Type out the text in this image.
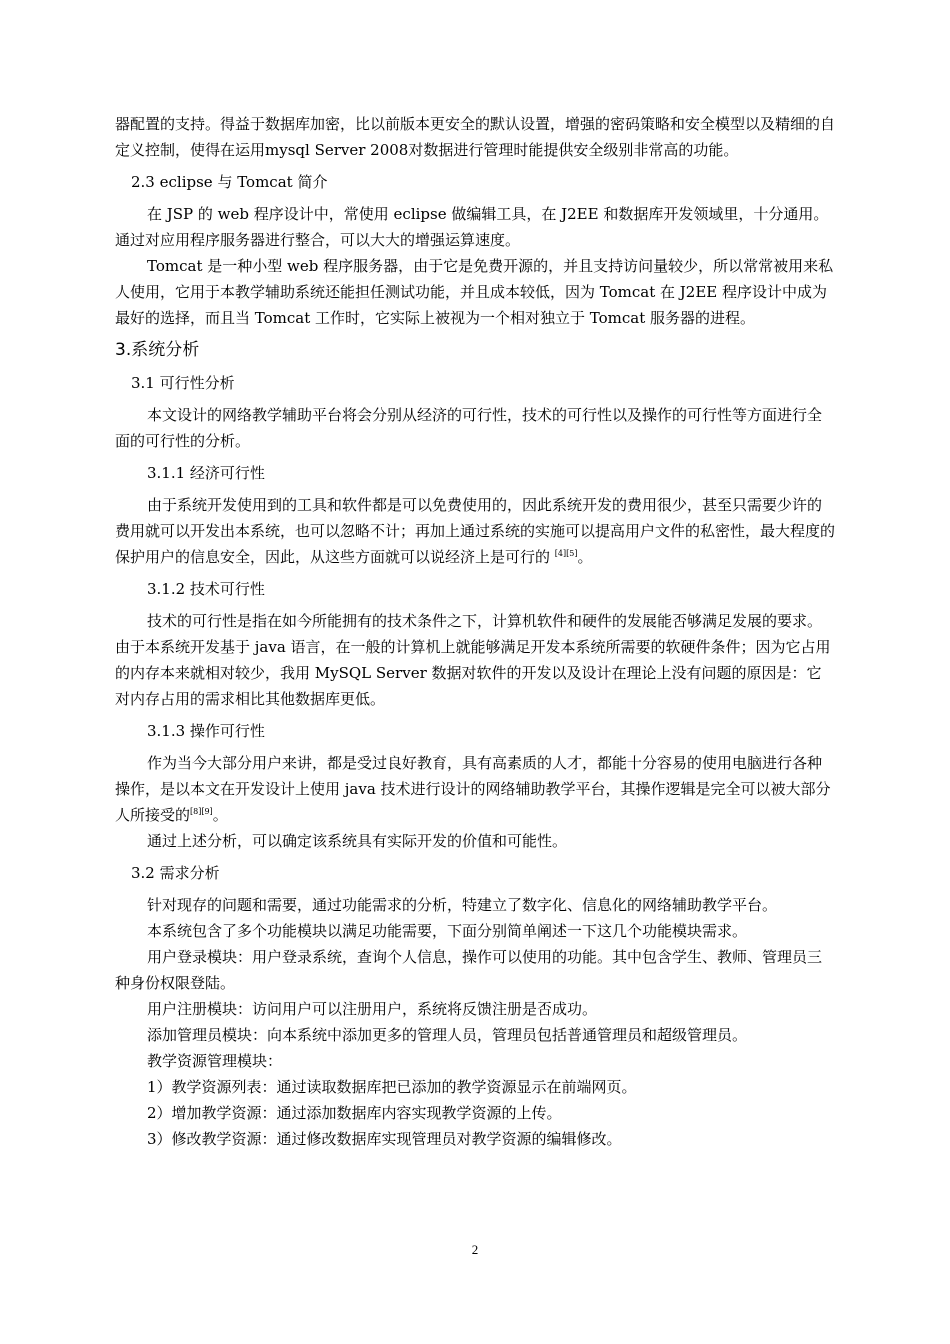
器配置的支持。得益于数据库加密，比以前版本更安全的默认设置，增强的密码策略和安全模型以及精细的自定义控制，使得在运用mysql Server 2008对数据进行管理时能提供安全级别非常高的功能。

2.3 eclipse 与 Tomcat 简介

在 JSP 的 web 程序设计中，常使用 eclipse 做编辑工具，在 J2EE 和数据库开发领域里，十分通用。通过对应用程序服务器进行整合，可以大大的增强运算速度。

Tomcat 是一种小型 web 程序服务器，由于它是免费开源的，并且支持访问量较少，所以常常被用来私人使用，它用于本教学辅助系统还能担任测试功能，并且成本较低，因为 Tomcat 在 J2EE 程序设计中成为最好的选择，而且当 Tomcat 工作时，它实际上被视为一个相对独立于 Tomcat 服务器的进程。

3.系统分析

3.1 可行性分析

本文设计的网络教学辅助平台将会分别从经济的可行性，技术的可行性以及操作的可行性等方面进行全面的可行性的分析。

3.1.1 经济可行性

由于系统开发使用到的工具和软件都是可以免费使用的，因此系统开发的费用很少，甚至只需要少许的费用就可以开发出本系统，也可以忽略不计；再加上通过系统的实施可以提高用户文件的私密性，最大程度的保护用户的信息安全，因此，从这些方面就可以说经济上是可行的 [4][5]。

3.1.2 技术可行性

技术的可行性是指在如今所能拥有的技术条件之下，计算机软件和硬件的发展能否够满足发展的要求。由于本系统开发基于 java 语言，在一般的计算机上就能够满足开发本系统所需要的软硬件条件；因为它占用的内存本来就相对较少，我用 MySQL Server 数据对软件的开发以及设计在理论上没有问题的原因是：它对内存占用的需求相比其他数据库更低。

3.1.3 操作可行性

作为当今大部分用户来讲，都是受过良好教育，具有高素质的人才，都能十分容易的使用电脑进行各种操作，是以本文在开发设计上使用 java 技术进行设计的网络辅助教学平台，其操作逻辑是完全可以被大部分人所接受的[8][9]。

通过上述分析，可以确定该系统具有实际开发的价值和可能性。

3.2 需求分析

针对现存的问题和需要，通过功能需求的分析，特建立了数字化、信息化的网络辅助教学平台。

本系统包含了多个功能模块以满足功能需要，下面分别简单阐述一下这几个功能模块需求。

用户登录模块：用户登录系统，查询个人信息，操作可以使用的功能。其中包含学生、教师、管理员三种身份权限登陆。

用户注册模块：访问用户可以注册用户，系统将反馈注册是否成功。

添加管理员模块：向本系统中添加更多的管理人员，管理员包括普通管理员和超级管理员。

教学资源管理模块：

1）教学资源列表：通过读取数据库把已添加的教学资源显示在前端网页。

2）增加教学资源：通过添加数据库内容实现教学资源的上传。

3）修改教学资源：通过修改数据库实现管理员对教学资源的编辑修改。

2
